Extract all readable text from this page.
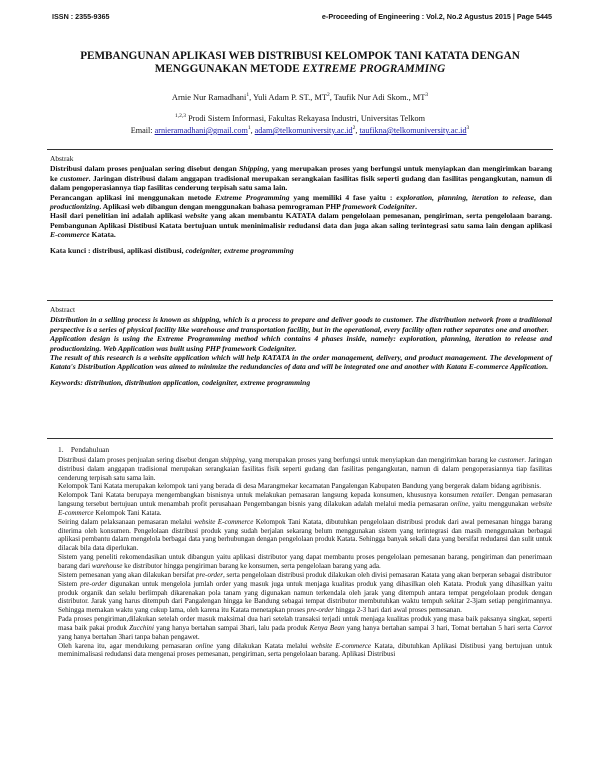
ISSN : 2355-9365	e-Proceeding of Engineering : Vol.2, No.2 Agustus 2015 | Page 5445
PEMBANGUNAN APLIKASI WEB DISTRIBUSI KELOMPOK TANI KATATA DENGAN
MENGGUNAKAN METODE EXTREME PROGRAMMING
Arnie Nur Ramadhani$^1$, Yuli Adam P. ST., $MT^2$, Taufik Nur Adi Skom., $MT^3$
$^{1,2,3}$ Prodi Sistem Informasi, Fakultas Rekayasa Industri, Universitas Telkom
Email: arnieramadhani@gmail.com$^1$, $adam@telkomuniversity.ac.id^2$, $taufikna@telkomuniversity.ac.id^3$
Abstrak

Distribusi dalam proses penjualan sering disebut dengan Shipping, yang merupakan proses yang berfungsi untuk menyiapkan dan mengirimkan barang ke customer. Jaringan distribusi dalam anggapan tradisional merupakan serangkaian fasilitas fisik seperti gudang dan fasilitas pengangkutan, namun di dalam pengoperasiannya tiap fasilitas cenderung terpisah satu sama lain.

Perancangan aplikasi ini menggunakan metode Extreme Programming yang memiliki 4 fase yaitu : exploration, planning, iteration to release, dan productionizing. Aplikasi web dibangun dengan menggunakan bahasa pemrograman PHP framework Codeigniter.

Hasil dari penelitian ini adalah aplikasi website yang akan membantu KATATA dalam pengelolaan pemesanan, pengiriman, serta pengelolaan barang. Pembangunan Aplikasi Distibusi Katata bertujuan untuk meninimalisir redudansi data dan juga akan saling terintegrasi satu sama lain dengan aplikasi E-commerce Katata.

Kata kunci : distribusi, aplikasi distibusi, codeigniter, extreme programming

Abstract

Distribution in a selling process is known as shipping, which is a process to prepare and deliver goods to customer. The distribution network from a traditional perspective is a series of physical facility like warehouse and transportation facility, but in the operational, every facility often rather separates one and another.

Application design is using the Extreme Programming method which contains 4 phases inside, namely: exploration, planning, iteration to release and productionizing. Web Application was built using PHP framework Codeigniter.

The result of this research is a website application which will help KATATA in the order management, delivery, and product management. The development of Katata's Distribution Application was aimed to minimize the redundancies of data and will be integrated one and another with Katata E-commerce Application.

Keywords: distribution, distribution application, codeigniter, extreme programming

1.    Pendahuluan

Distribusi dalam proses penjualan sering disebut dengan shipping, yang merupakan proses yang berfungsi untuk menyiapkan dan mengirimkan barang ke customer. Jaringan distribusi dalam anggapan tradisional merupakan serangkaian fasilitas fisik seperti gudang dan fasilitas pengangkutan, namun di dalam pengoperasiannya tiap fasilitas cenderung terpisah satu sama lain.

Kelompok Tani Katata merupakan kelompok tani yang berada di desa Marangmekar kecamatan Pangalengan Kabupaten Bandung yang bergerak dalam bidang agribisnis.

Kelompok Tani Katata berupaya mengembangkan bisnisnya untuk melakukan pemasaran langsung kepada konsumen, khususnya konsumen retailer. Dengan pemasaran langsung tersebut bertujuan untuk menambah profit perusahaan Pengembangan bisnis yang dilakukan adalah melalui media pemasaran online, yaitu menggunakan website E-commerce Kelompok Tani Katata.

Seiring dalam pelaksanaan pemasaran melalui website E-commerce Kelompok Tani Katata, dibutuhkan pengelolaan distribusi produk dari awal pemesanan hingga barang diterima oleh konsumen. Pengelolaan distribusi produk yang sudah berjalan sekarang belum menggunakan sistem yang terintegrasi dan masih menggunakan berbagai aplikasi pembantu dalam mengelola berbagai data yang berhubungan dengan pengelolaan produk Katata. Sehingga banyak sekali data yang bersifat redudansi dan sulit untuk dilacak bila data diperlukan.

Sistem yang peneliti rekomendasikan untuk dibangun yaitu aplikasi distributor yang dapat membantu proses pengelolaan pemesanan barang, pengiriman dan penerimaan barang dari warehouse ke distributor hingga pengiriman barang ke konsumen, serta pengelolaan barang yang ada.

Sistem pemesanan yang akan dilakukan bersifat pre-order, serta pengelolaan distribusi produk dilakukan oleh divisi pemasaran Katata yang akan berperan sebagai distributor

Sistem pre-order digunakan untuk mengelola jumlah order yang masuk juga untuk menjaga kualitas produk yang dihasilkan oleh Katata. Produk yang dihasilkan yaitu produk organik dan selalu berlimpah dikarenakan pola tanam yang digunakan namun terkendala oleh jarak yang ditempuh antara tempat pengelolaan produk dengan distributor. Jarak yang harus ditempuh dari Pangalengan hingga ke Bandung sebagai tempat distributor membutuhkan waktu tempuh sekitar 2-3jam setiap pengirimannya. Sehingga memakan waktu yang cukup lama, oleh karena itu Katata menetapkan proses pre-order hingga 2-3 hari dari awal proses pemesanan.

Pada proses pengiriman,dilakukan setelah order masuk maksimal dua hari setelah transaksi terjadi untuk menjaga kualitas produk yang masa baik paksanya singkat, seperti masa baik pakai produk Zucchini yang hanya bertahan sampai 3hari, lalu pada produk Kenya Bean yang hanya bertahan sampai 3 hari, Tomat bertahan 5 hari serta Carrot yang hanya bertahan 3hari tanpa bahan pengawet.

Oleh karena itu, agar mendukung pemasaran online yang dilakukan Katata melalui website E-commerce Katata, dibutuhkan Aplikasi Distibusi yang bertujuan untuk meminimalisasi redudansi data mengenai proses pemesanan, pengiriman, serta pengelolaan barang. Aplikasi Distribusi
